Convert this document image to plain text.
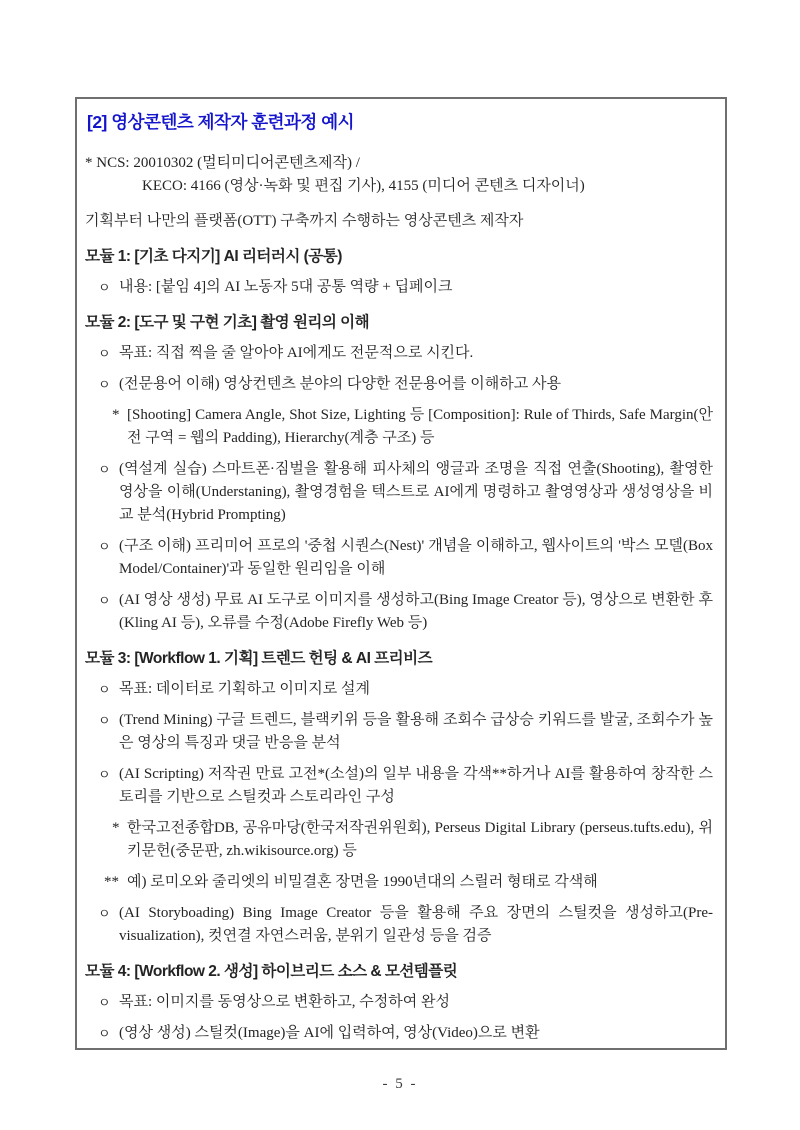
[2] 영상콘텐츠 제작자 훈련과정 예시
* NCS: 20010302 (멀티미디어콘텐츠제작) /
KECO: 4166 (영상·녹화 및 편집 기사), 4155 (미디어 콘텐츠 디자이너)
기획부터 나만의 플랫폼(OTT) 구축까지 수행하는 영상콘텐츠 제작자
모듈 1: [기초 다지기] AI 리터러시 (공통)
ㅇ 내용: [붙임 4]의 AI 노동자 5대 공통 역량 + 딥페이크
모듈 2: [도구 및 구현 기초] 촬영 원리의 이해
ㅇ 목표: 직접 찍을 줄 알아야 AI에게도 전문적으로 시킨다.
ㅇ (전문용어 이해) 영상컨텐츠 분야의 다양한 전문용어를 이해하고 사용
* [Shooting] Camera Angle, Shot Size, Lighting 등 [Composition]: Rule of Thirds, Safe Margin(안전 구역 = 웹의 Padding), Hierarchy(계층 구조) 등
ㅇ (역설계 실습) 스마트폰·짐벌을 활용해 피사체의 앵글과 조명을 직접 연출(Shooting), 촬영한 영상을 이해(Understaning), 촬영경험을 텍스트로 AI에게 명령하고 촬영영상과 생성영상을 비교 분석(Hybrid Prompting)
ㅇ (구조 이해) 프리미어 프로의 '중첩 시퀀스(Nest)' 개념을 이해하고, 웹사이트의 '박스 모델(Box Model/Container)'과 동일한 원리임을 이해
ㅇ (AI 영상 생성) 무료 AI 도구로 이미지를 생성하고(Bing Image Creator 등), 영상으로 변환한 후(Kling AI 등), 오류를 수정(Adobe Firefly Web 등)
모듈 3: [Workflow 1. 기획] 트렌드 헌팅 & AI 프리비즈
ㅇ 목표: 데이터로 기획하고 이미지로 설계
ㅇ (Trend Mining) 구글 트렌드, 블랙키위 등을 활용해 조회수 급상승 키워드를 발굴, 조회수가 높은 영상의 특징과 댓글 반응을 분석
ㅇ (AI Scripting) 저작권 만료 고전*(소설)의 일부 내용을 각색**하거나 AI를 활용하여 창작한 스토리를 기반으로 스틸컷과 스토리라인 구성
* 한국고전종합DB, 공유마당(한국저작권위원회), Perseus Digital Library (perseus.tufts.edu), 위키문헌(중문판, zh.wikisource.org) 등
** 예) 로미오와 줄리엣의 비밀결혼 장면을 1990년대의 스릴러 형태로 각색해
ㅇ (AI Storyboading) Bing Image Creator 등을 활용해 주요 장면의 스틸컷을 생성하고(Pre-visualization), 컷연결 자연스러움, 분위기 일관성 등을 검증
모듈 4: [Workflow 2. 생성] 하이브리드 소스 & 모션템플릿
ㅇ 목표: 이미지를 동영상으로 변환하고, 수정하여 완성
ㅇ (영상 생성) 스틸컷(Image)을 AI에 입력하여, 영상(Video)으로 변환
- 5 -
